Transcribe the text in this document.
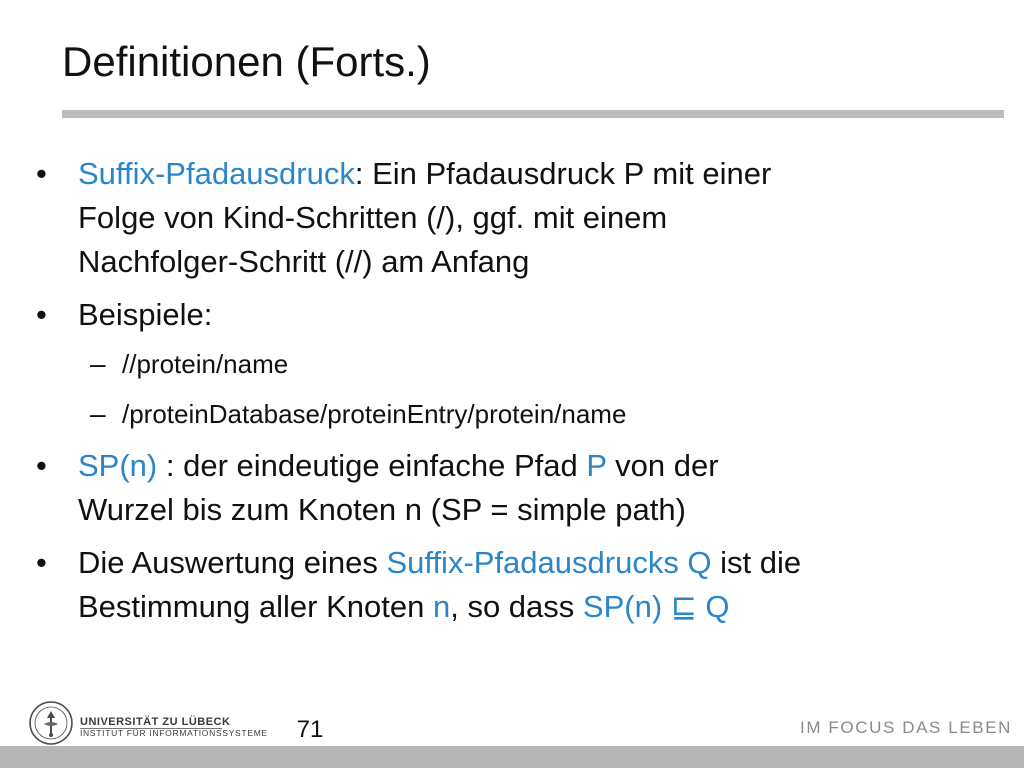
Definitionen (Forts.)
• Suffix-Pfadausdruck: Ein Pfadausdruck P mit einer
Folge von Kind-Schritten (/), ggf. mit einem
Nachfolger-Schritt (//) am Anfang
• Beispiele:
– //protein/name
– /proteinDatabase/proteinEntry/protein/name
• SP(n) : der eindeutige einfache Pfad P von der
Wurzel bis zum Knoten n (SP = simple path)
• Die Auswertung eines Suffix-Pfadausdrucks Q ist die
Bestimmung aller Knoten n, so dass SP(n) ⊑ Q
UNIVERSITÄT ZU LÜBECK
INSTITUT FÜR INFORMATIONSSYSTEME 71	IM FOCUS DAS LEBEN
